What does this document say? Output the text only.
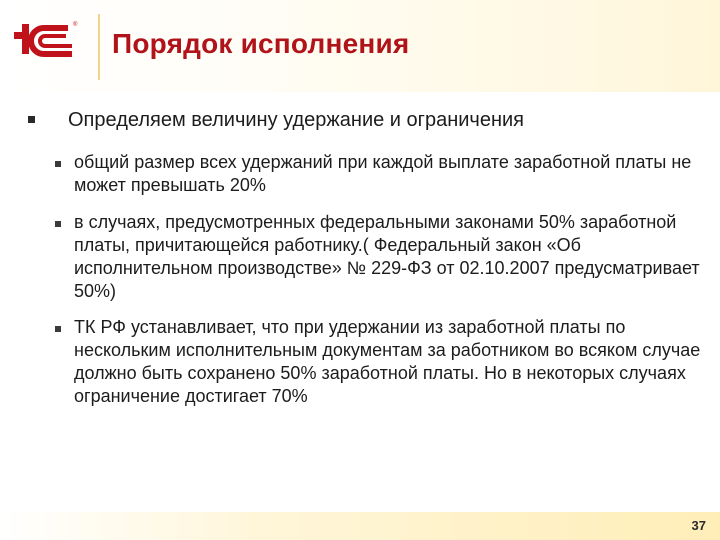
®
Порядок исполнения
Определяем величину удержание и ограничения
общий размер всех удержаний при каждой выплате заработной платы не может превышать 20%
в случаях, предусмотренных федеральными законами 50% заработной платы, причитающейся работнику.( Федеральный закон «Об исполнительном производстве» № 229-ФЗ от 02.10.2007 предусматривает 50%)
ТК РФ устанавливает, что при удержании из заработной платы по нескольким исполнительным документам за работником во всяком случае должно быть сохранено 50% заработной платы. Но в некоторых случаях ограничение достигает 70%
37
